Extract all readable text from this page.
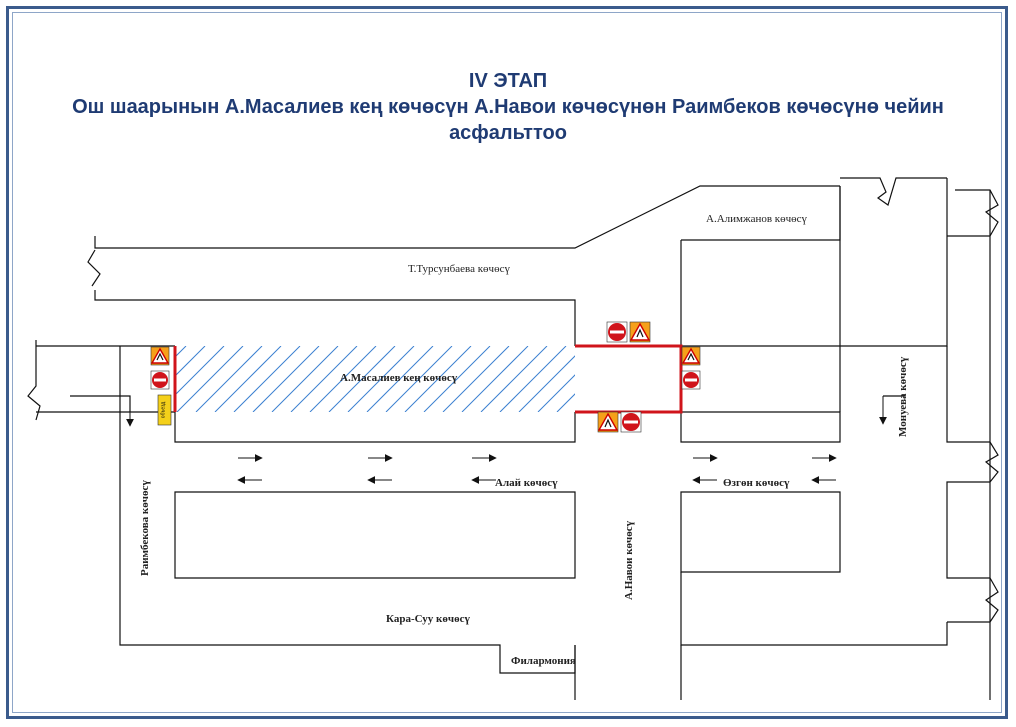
IV ЭТАП
Ош шаарынын А.Масалиев кең көчөсүн А.Навои көчөсүнөн Раимбеков көчөсүнө чейин
асфальттоо
объезд
А.Алимжанов көчөсү
Т.Турсунбаева көчөсү
А.Масалиев кең көчөсү
Алай көчөсү	Өзгөн көчөсү
Кара-Суу көчөсү
Раимбекова көчөсү	А.Навои көчөсү
Монуева көчөсү
Филармония
